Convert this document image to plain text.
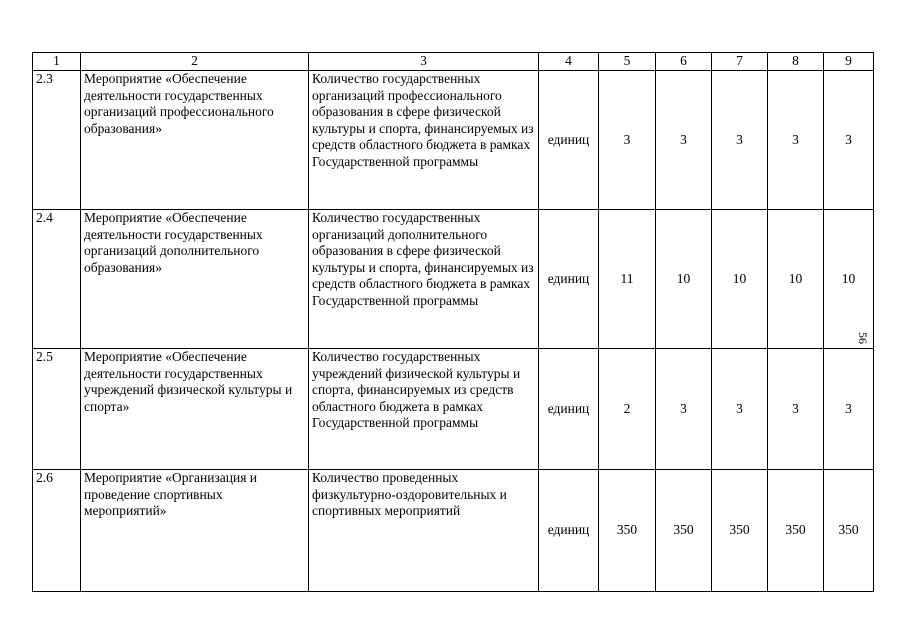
1	2	3	4	5	6	7	8	9
2.3	Мероприятие «Обеспечение деятельности государственных организаций профессионального образования»	Количество государственных организаций профессионального образования в сфере физической культуры и спорта, финансируемых из средств областного бюджета в рамках Государственной программы	единиц	3	3	3	3	3
2.4	Мероприятие «Обеспечение деятельности государственных организаций дополнительного образования»	Количество государственных организаций дополнительного образования в сфере физической культуры и спорта, финансируемых из средств областного бюджета в рамках Государственной программы	единиц	11	10	10	10	10
2.5	Мероприятие «Обеспечение деятельности государственных учреждений физической культуры и спорта»	Количество государственных учреждений физической культуры и спорта, финансируемых из средств областного бюджета в рамках Государственной программы	единиц	2	3	3	3	3
2.6	Мероприятие «Организация и проведение спортивных мероприятий»	Количество проведенных физкультурно-оздоровительных и спортивных мероприятий	единиц	350	350	350	350	350
56
